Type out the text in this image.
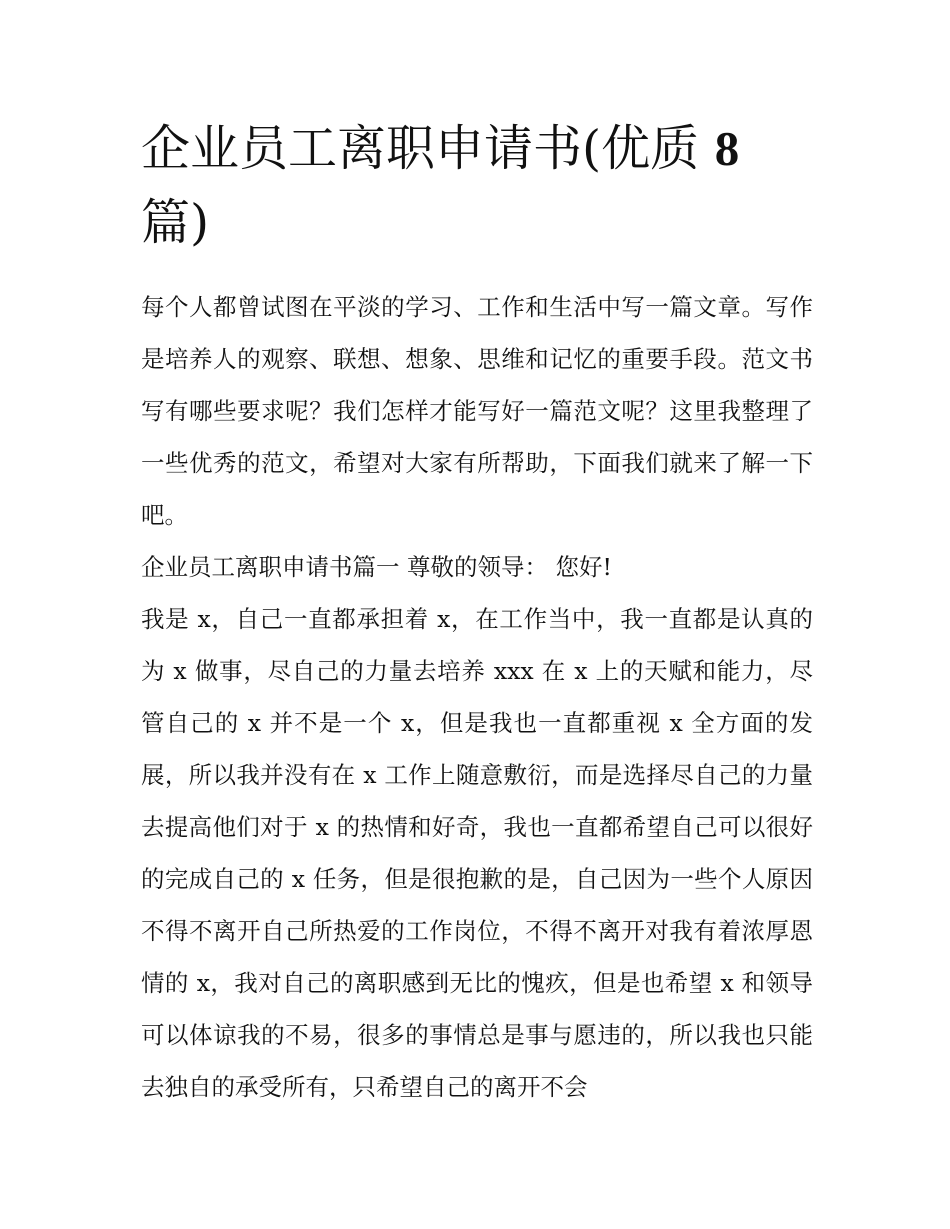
企业员工离职申请书(优质 8
篇)

每个人都曾试图在平淡的学习、工作和生活中写一篇文章。写作是培养人的观察、联想、想象、思维和记忆的重要手段。范文书写有哪些要求呢？我们怎样才能写好一篇范文呢？这里我整理了一些优秀的范文，希望对大家有所帮助，下面我们就来了解一下吧。

企业员工离职申请书篇一 尊敬的领导： 您好!

我是 x，自己一直都承担着 x，在工作当中，我一直都是认真的为 x 做事，尽自己的力量去培养 xxx 在 x 上的天赋和能力，尽管自己的 x 并不是一个 x，但是我也一直都重视 x 全方面的发展，所以我并没有在 x 工作上随意敷衍，而是选择尽自己的力量去提高他们对于 x 的热情和好奇，我也一直都希望自己可以很好的完成自己的 x 任务，但是很抱歉的是，自己因为一些个人原因不得不离开自己所热爱的工作岗位，不得不离开对我有着浓厚恩情的 x，我对自己的离职感到无比的愧疚，但是也希望 x 和领导可以体谅我的不易，很多的事情总是事与愿违的，所以我也只能去独自的承受所有，只希望自己的离开不会
